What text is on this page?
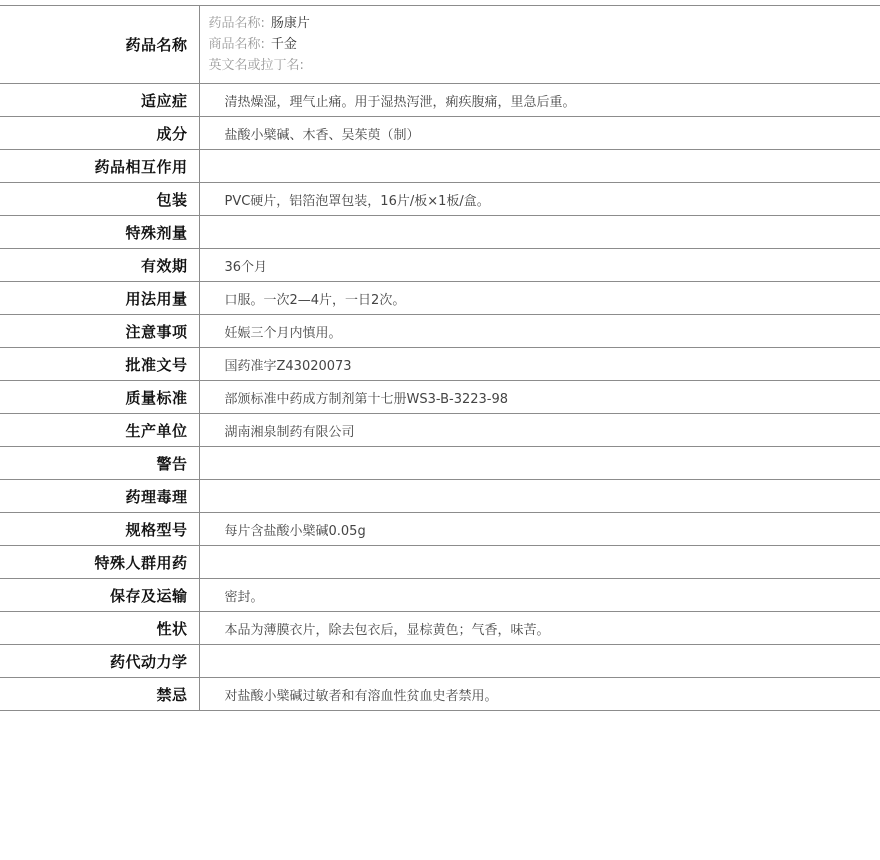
药品名称	药品名称: 肠康片
商品名称: 千金
英文名或拉丁名:

适应症	清热燥湿，理气止痛。用于湿热泻泄，痢疾腹痛，里急后重。
成分	盐酸小檗碱、木香、吴茱萸（制）
药品相互作用	
包装	PVC硬片，铝箔泡罩包装，16片/板×1板/盒。
特殊剂量	
有效期	36个月
用法用量	口服。一次2—4片，一日2次。
注意事项	妊娠三个月内慎用。
批准文号	国药准字Z43020073
质量标准	部颁标准中药成方制剂第十七册WS3-B-3223-98
生产单位	湖南湘泉制药有限公司
警告	
药理毒理	
规格型号	每片含盐酸小檗碱0.05g
特殊人群用药	
保存及运输	密封。
性状	本品为薄膜衣片，除去包衣后，显棕黄色；气香，味苦。
药代动力学	
禁忌	对盐酸小檗碱过敏者和有溶血性贫血史者禁用。
